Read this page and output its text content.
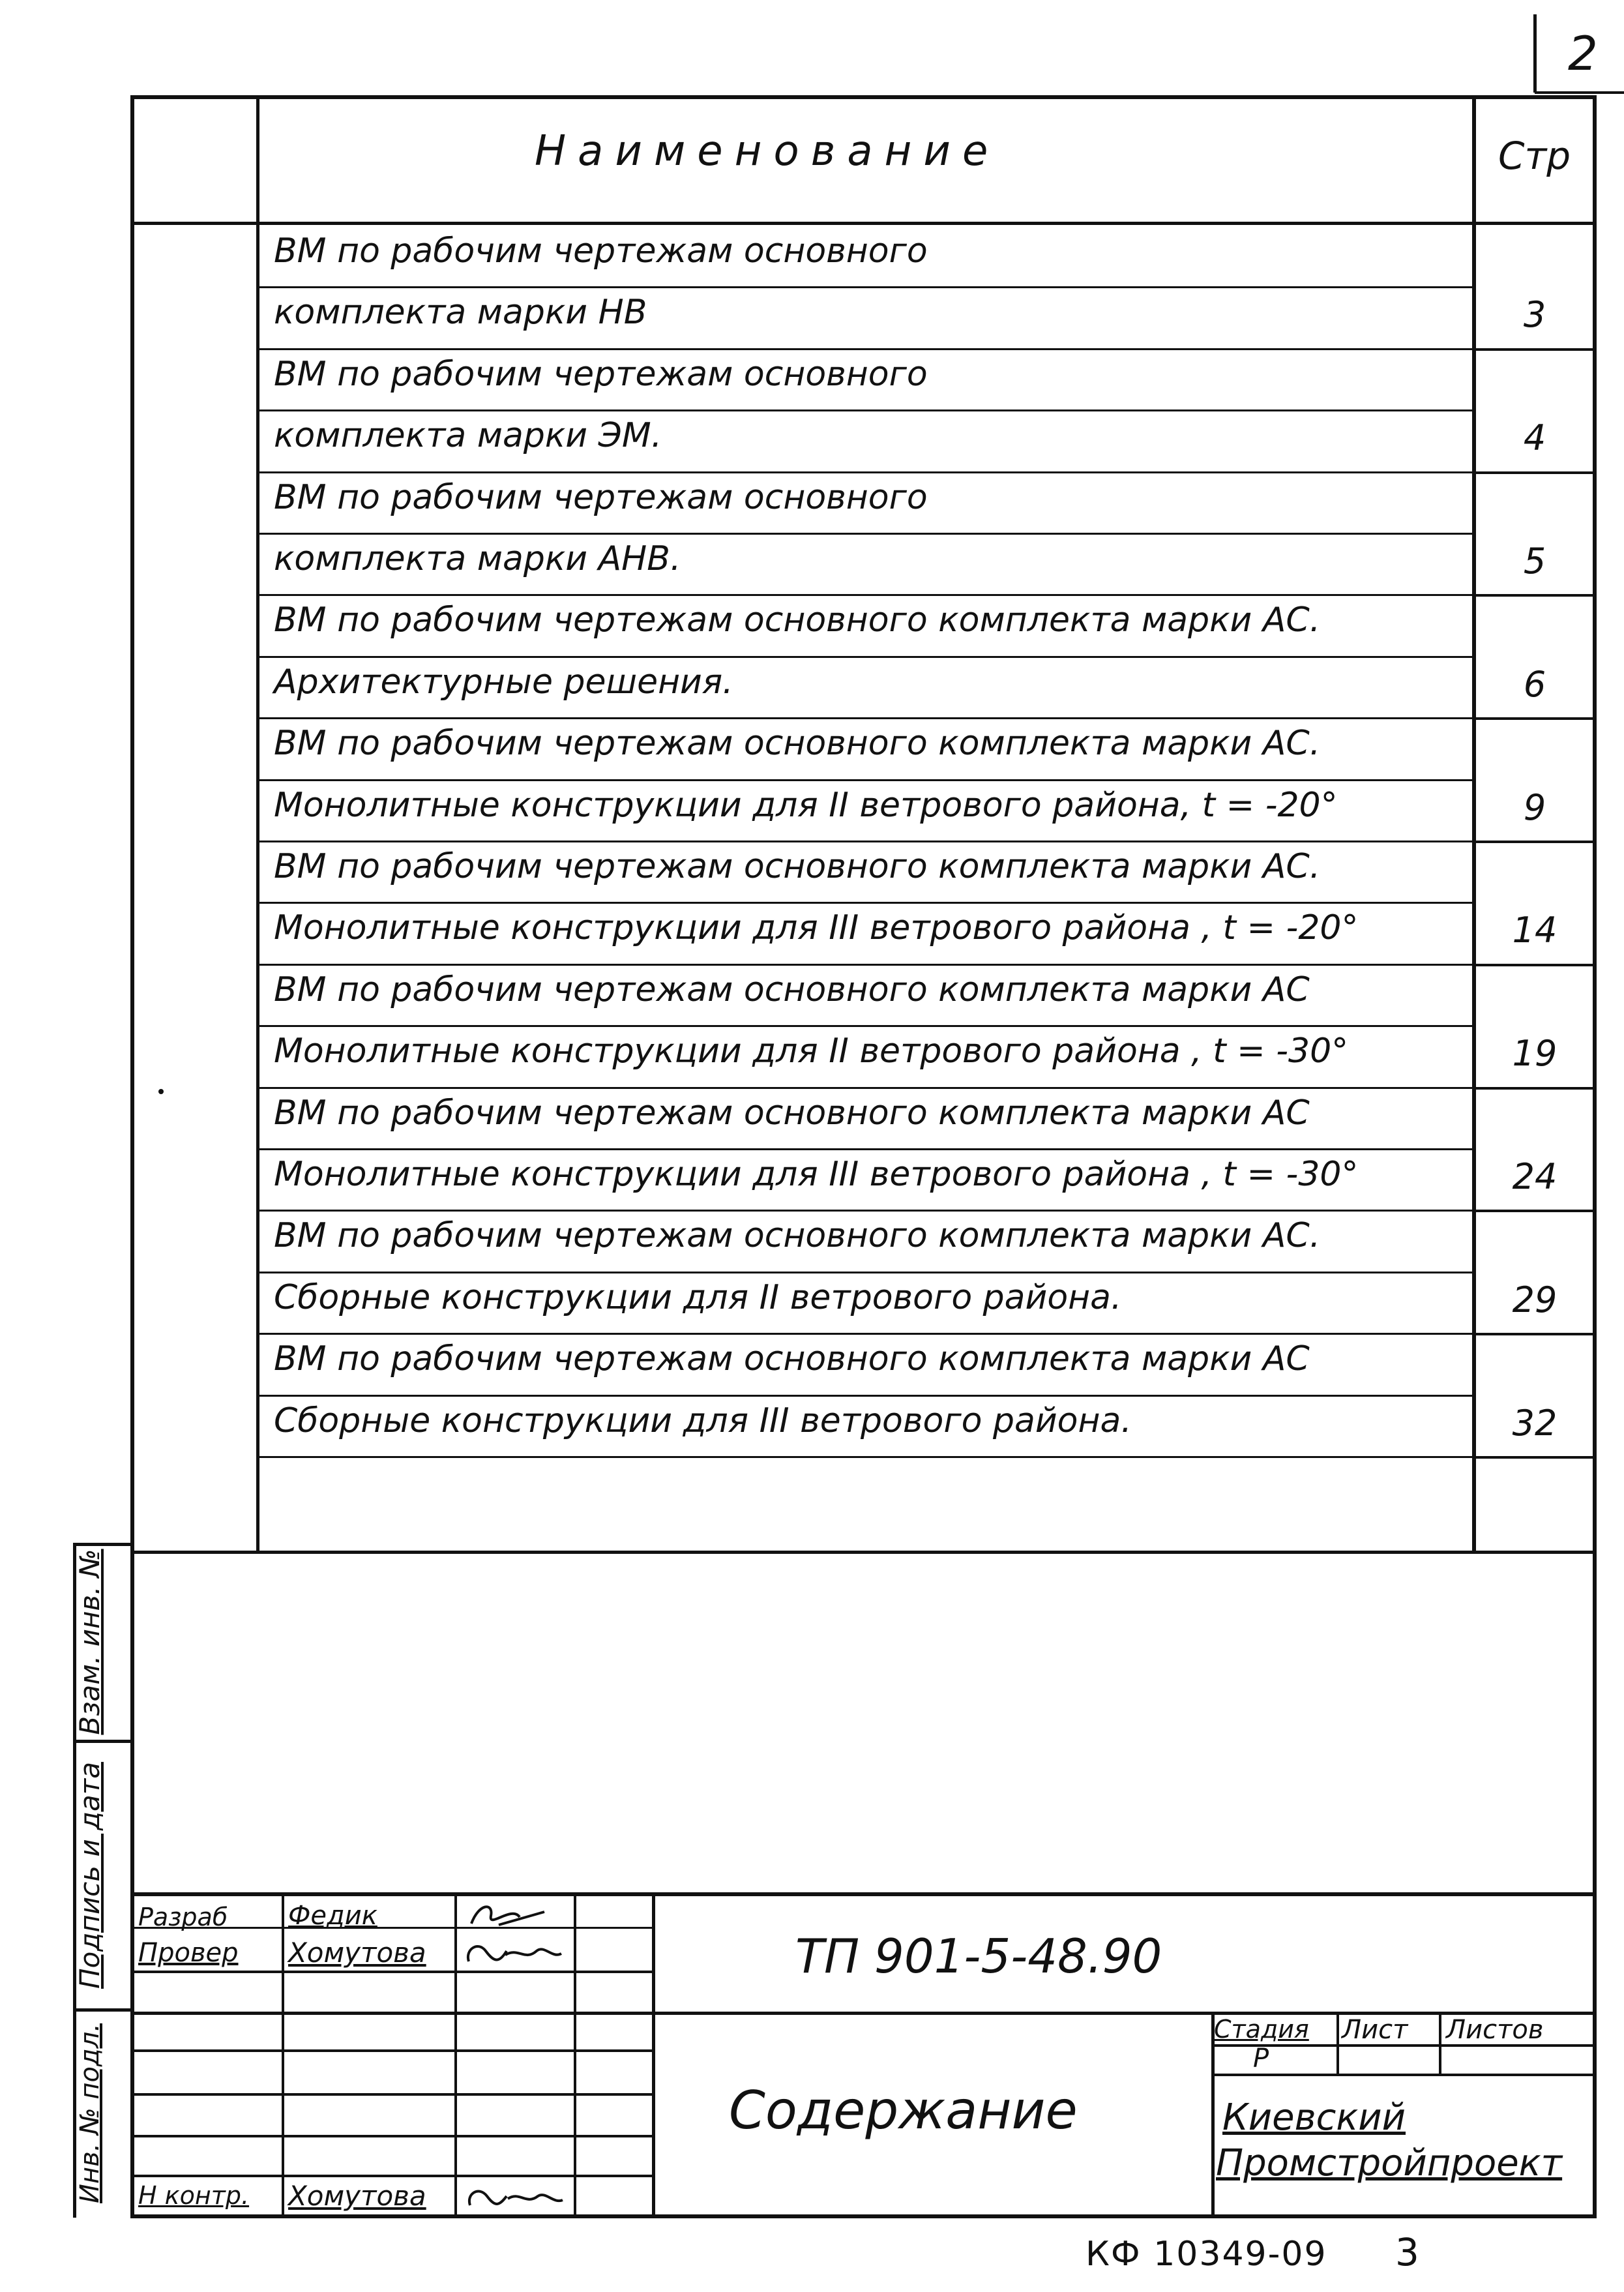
2
Наименование	Стр
ВМ по рабочим чертежам основного
комплекта марки НВ	3
ВМ по рабочим чертежам основного
комплекта марки ЭМ.	4
ВМ по рабочим чертежам основного
комплекта марки АНВ.	5
ВМ по рабочим чертежам основного комплекта марки АС.
Архитектурные решения.	6
ВМ по рабочим чертежам основного комплекта марки АС.
Монолитные конструкции для II ветрового района, t = -20°	9
ВМ по рабочим чертежам основного комплекта марки АС.
Монолитные конструкции для III ветрового района , t = -20°	14
ВМ по рабочим чертежам основного комплекта марки АС
Монолитные конструкции для II ветрового района , t = -30°	19
ВМ по рабочим чертежам основного комплекта марки АС
Монолитные конструкции для III ветрового района , t = -30°	24
ВМ по рабочим чертежам основного комплекта марки АС.
Сборные конструкции для II ветрового района.	29
ВМ по рабочим чертежам основного комплекта марки АС
Сборные конструкции для III ветрового района.	32
Взам. инв. №
Подпись и дата
Инв. № подл.
Разраб Федик
Провер Хомутова
Н контр. Хомутова
ТП 901-5-48.90
Содержание
Стадия Лист Листов
Р
Киевский
Промстройпроект
КФ 10349-09 3
